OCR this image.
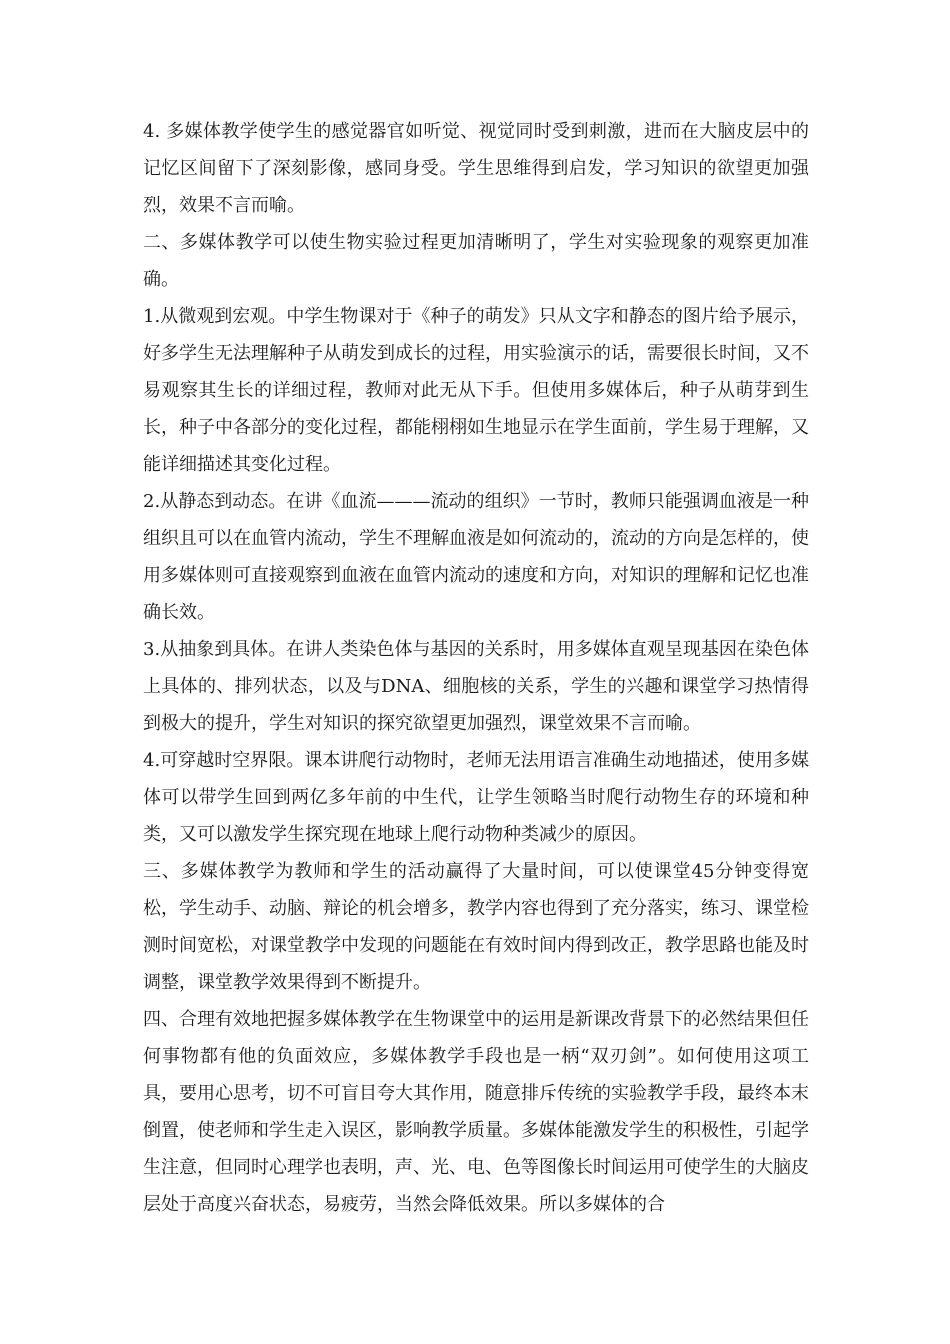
4. 多媒体教学使学生的感觉器官如听觉、视觉同时受到刺激，进而在大脑皮层中的记忆区间留下了深刻影像，感同身受。学生思维得到启发，学习知识的欲望更加强烈，效果不言而喻。

二、多媒体教学可以使生物实验过程更加清晰明了，学生对实验现象的观察更加准确。

1.从微观到宏观。中学生物课对于《种子的萌发》只从文字和静态的图片给予展示，好多学生无法理解种子从萌发到成长的过程，用实验演示的话，需要很长时间，又不易观察其生长的详细过程，教师对此无从下手。但使用多媒体后，种子从萌芽到生长，种子中各部分的变化过程，都能栩栩如生地显示在学生面前，学生易于理解，又能详细描述其变化过程。

2.从静态到动态。在讲《血流———流动的组织》一节时，教师只能强调血液是一种组织且可以在血管内流动，学生不理解血液是如何流动的，流动的方向是怎样的，使用多媒体则可直接观察到血液在血管内流动的速度和方向，对知识的理解和记忆也准确长效。

3.从抽象到具体。在讲人类染色体与基因的关系时，用多媒体直观呈现基因在染色体上具体的、排列状态，以及与DNA、细胞核的关系，学生的兴趣和课堂学习热情得到极大的提升，学生对知识的探究欲望更加强烈，课堂效果不言而喻。

4.可穿越时空界限。课本讲爬行动物时，老师无法用语言准确生动地描述，使用多媒体可以带学生回到两亿多年前的中生代，让学生领略当时爬行动物生存的环境和种类，又可以激发学生探究现在地球上爬行动物种类减少的原因。

三、多媒体教学为教师和学生的活动赢得了大量时间，可以使课堂45分钟变得宽松，学生动手、动脑、辩论的机会增多，教学内容也得到了充分落实，练习、课堂检测时间宽松，对课堂教学中发现的问题能在有效时间内得到改正，教学思路也能及时调整，课堂教学效果得到不断提升。

四、合理有效地把握多媒体教学在生物课堂中的运用是新课改背景下的必然结果但任何事物都有他的负面效应，多媒体教学手段也是一柄“双刃剑”。如何使用这项工具，要用心思考，切不可盲目夸大其作用，随意排斥传统的实验教学手段，最终本末倒置，使老师和学生走入误区，影响教学质量。多媒体能激发学生的积极性，引起学生注意，但同时心理学也表明，声、光、电、色等图像长时间运用可使学生的大脑皮层处于高度兴奋状态，易疲劳，当然会降低效果。所以多媒体的合
